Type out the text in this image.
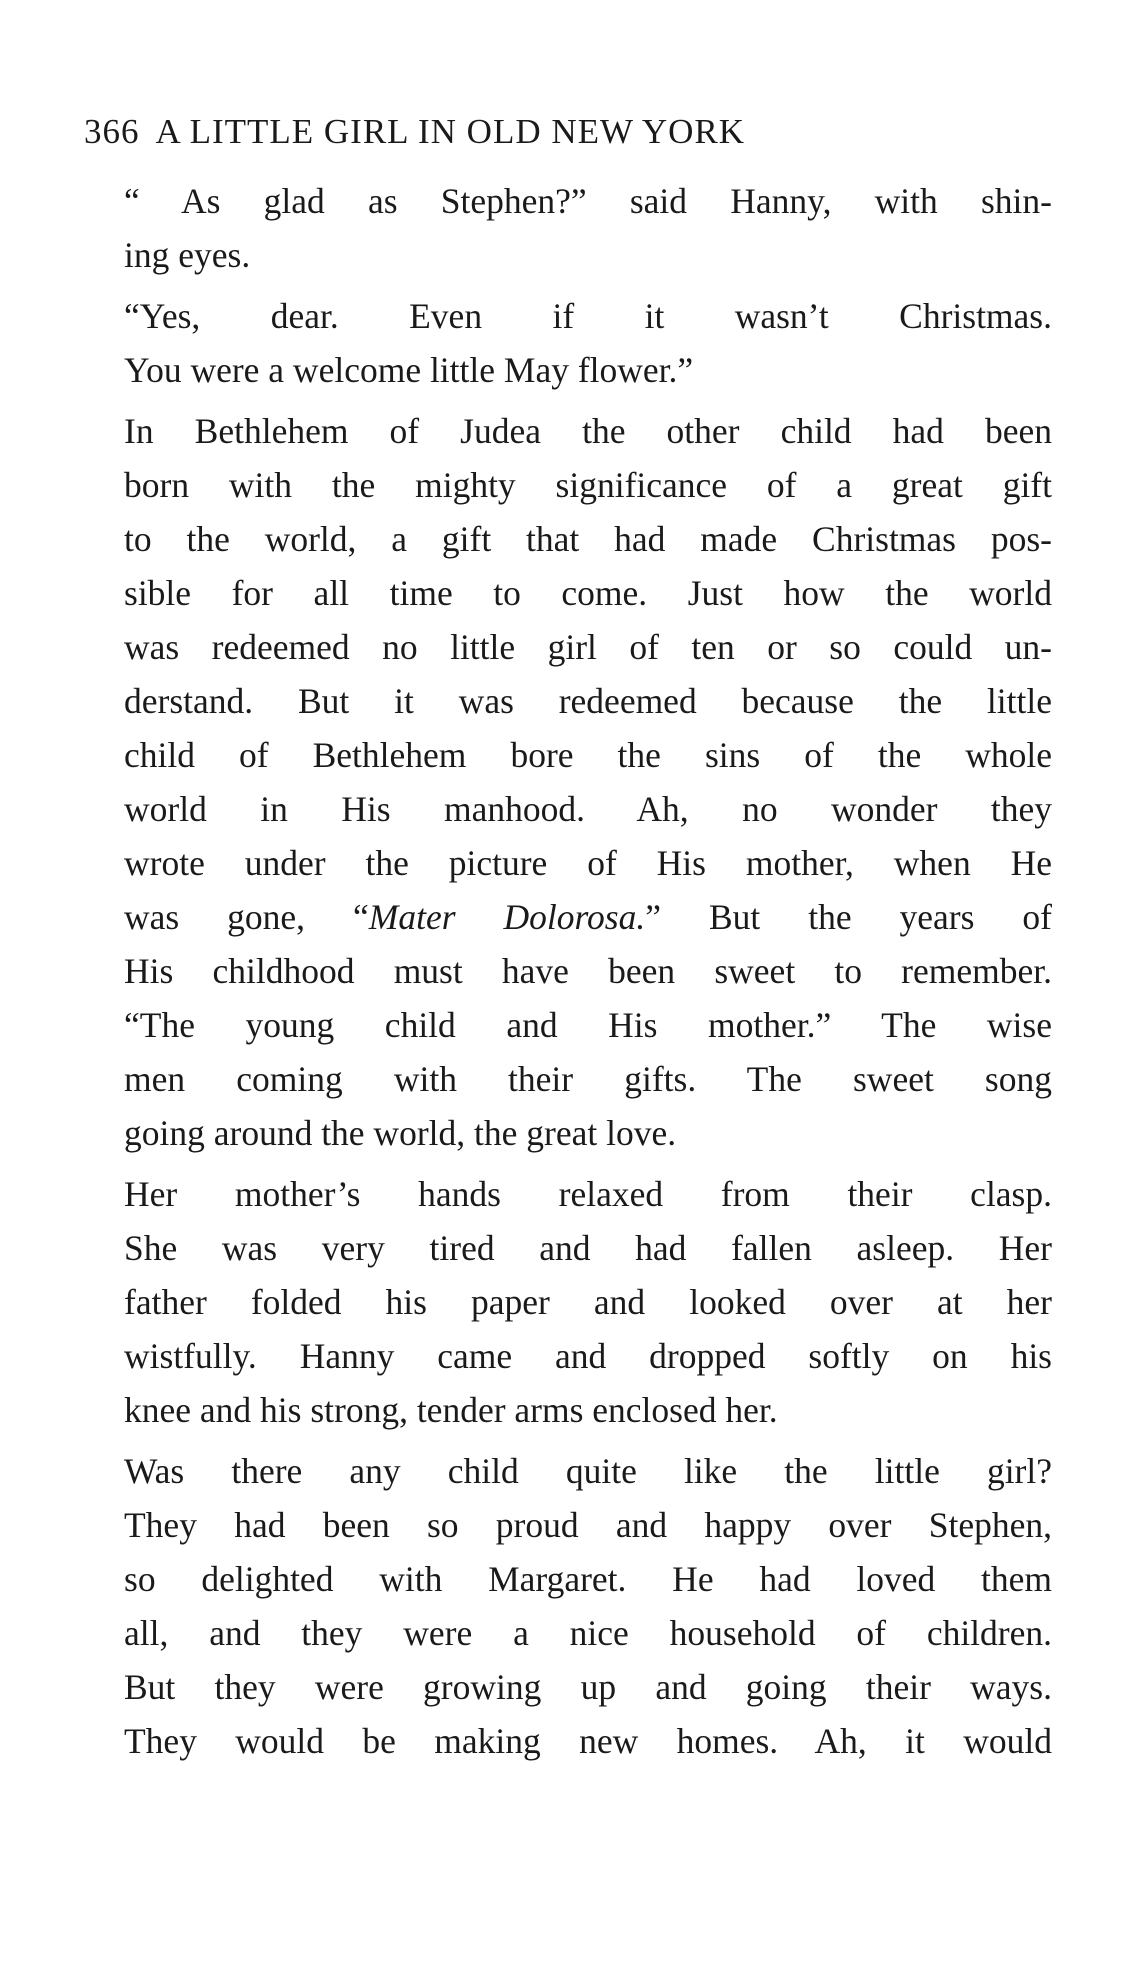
366 A LITTLE GIRL IN OLD NEW YORK
“ As glad as Stephen?” said Hanny, with shin-
ing eyes.
“Yes, dear. Even if it wasn’t Christmas.
You were a welcome little May flower.”
In Bethlehem of Judea the other child had been
born with the mighty significance of a great gift
to the world, a gift that had made Christmas pos-
sible for all time to come. Just how the world
was redeemed no little girl of ten or so could un-
derstand. But it was redeemed because the little
child of Bethlehem bore the sins of the whole
world in His manhood. Ah, no wonder they
wrote under the picture of His mother, when He
was gone, “Mater Dolorosa.” But the years of
His childhood must have been sweet to remember.
“The young child and His mother.” The wise
men coming with their gifts. The sweet song
going around the world, the great love.
Her mother’s hands relaxed from their clasp.
She was very tired and had fallen asleep. Her
father folded his paper and looked over at her
wistfully. Hanny came and dropped softly on his
knee and his strong, tender arms enclosed her.
Was there any child quite like the little girl?
They had been so proud and happy over Stephen,
so delighted with Margaret. He had loved them
all, and they were a nice household of children.
But they were growing up and going their ways.
They would be making new homes. Ah, it would
